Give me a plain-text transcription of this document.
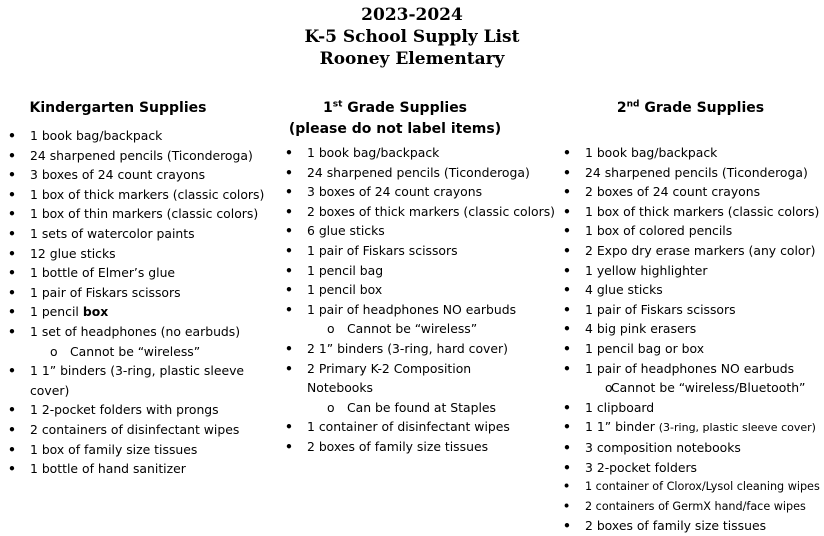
2023-2024
K-5 School Supply List
Rooney Elementary
Kindergarten Supplies
• 1 book bag/backpack
• 24 sharpened pencils (Ticonderoga)
• 3 boxes of 24 count crayons
• 1 box of thick markers (classic colors)
• 1 box of thin markers (classic colors)
• 1 sets of watercolor paints
• 12 glue sticks
• 1 bottle of Elmer’s glue
• 1 pair of Fiskars scissors
• 1 pencil box
• 1 set of headphones (no earbuds)
o Cannot be “wireless”
• 1 1” binders (3-ring, plastic sleeve cover)
• 1 2-pocket folders with prongs
• 2 containers of disinfectant wipes
• 1 box of family size tissues
• 1 bottle of hand sanitizer
1st Grade Supplies
(please do not label items)
• 1 book bag/backpack
• 24 sharpened pencils (Ticonderoga)
• 3 boxes of 24 count crayons
• 2 boxes of thick markers (classic colors)
• 6 glue sticks
• 1 pair of Fiskars scissors
• 1 pencil bag
• 1 pencil box
• 1 pair of headphones NO earbuds
o Cannot be “wireless”
• 2 1” binders (3-ring, hard cover)
• 2 Primary K-2 Composition Notebooks
o Can be found at Staples
• 1 container of disinfectant wipes
• 2 boxes of family size tissues
2nd Grade Supplies
• 1 book bag/backpack
• 24 sharpened pencils (Ticonderoga)
• 2 boxes of 24 count crayons
• 1 box of thick markers (classic colors)
• 1 box of colored pencils
• 2 Expo dry erase markers (any color)
• 1 yellow highlighter
• 4 glue sticks
• 1 pair of Fiskars scissors
• 4 big pink erasers
• 1 pencil bag or box
• 1 pair of headphones NO earbuds
o Cannot be “wireless/Bluetooth”
• 1 clipboard
• 1 1” binder (3-ring, plastic sleeve cover)
• 3 composition notebooks
• 3 2-pocket folders
• 1 container of Clorox/Lysol cleaning wipes
• 2 containers of GermX hand/face wipes
• 2 boxes of family size tissues
